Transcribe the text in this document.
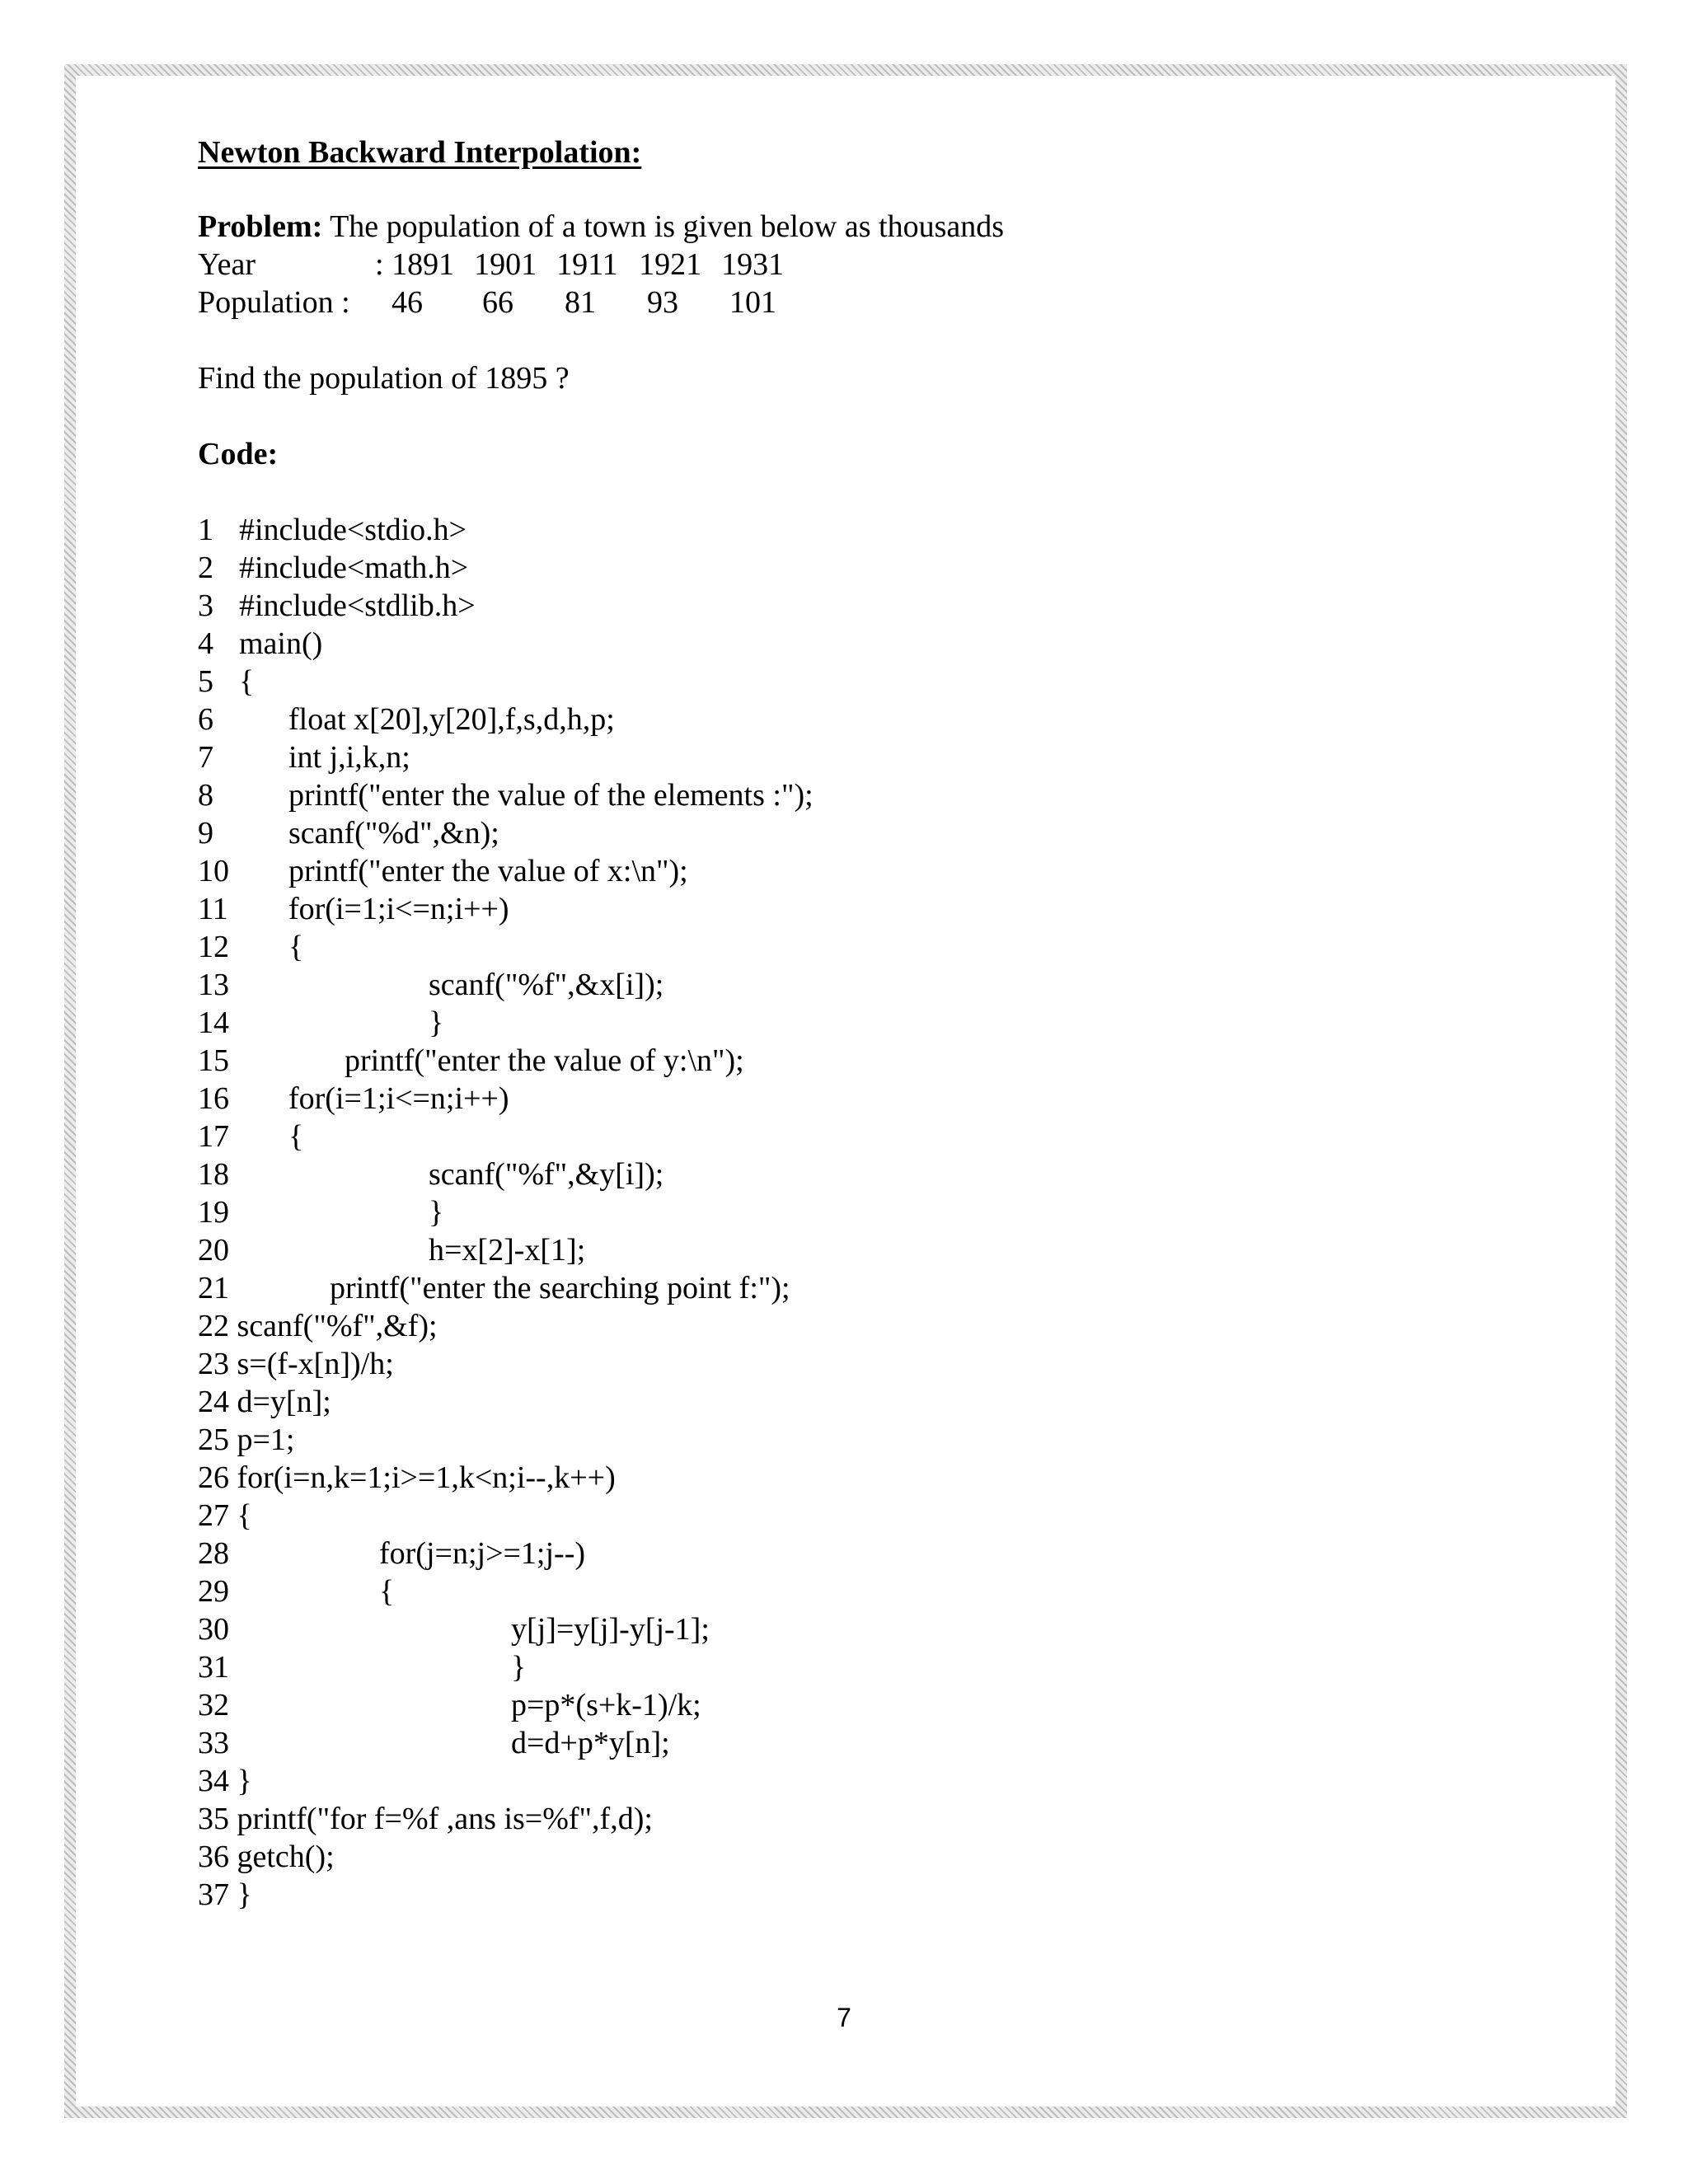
Newton Backward Interpolation:
Problem: The population of a town is given below as thousands
Year	: 1891 1901 1911 1921 1931
Population :	46	66	81	93	101
Find the population of 1895 ?
Code:
1 #include<stdio.h>
2 #include<math.h>
3 #include<stdlib.h>
4 main()
5 {
6 float x[20],y[20],f,s,d,h,p;
7 int j,i,k,n;
8 printf("enter the value of the elements :");
9 scanf("%d",&n);
10 printf("enter the value of x:\n");
11 for(i=1;i<=n;i++)
12 {
13	scanf("%f",&x[i]);
14	}
15	printf("enter the value of y:\n");
16 for(i=1;i<=n;i++)
17 {
18	scanf("%f",&y[i]);
19	}
20	h=x[2]-x[1];
21	printf("enter the searching point f:");
22 scanf("%f",&f);
23 s=(f-x[n])/h;
24 d=y[n];
25 p=1;
26 for(i=n,k=1;i>=1,k<n;i--,k++)
27 {
28	for(j=n;j>=1;j--)
29	{
30	y[j]=y[j]-y[j-1];
31	}
32	p=p*(s+k-1)/k;
33	d=d+p*y[n];
34 }
35 printf("for f=%f ,ans is=%f",f,d);
36 getch();
37 }
7
